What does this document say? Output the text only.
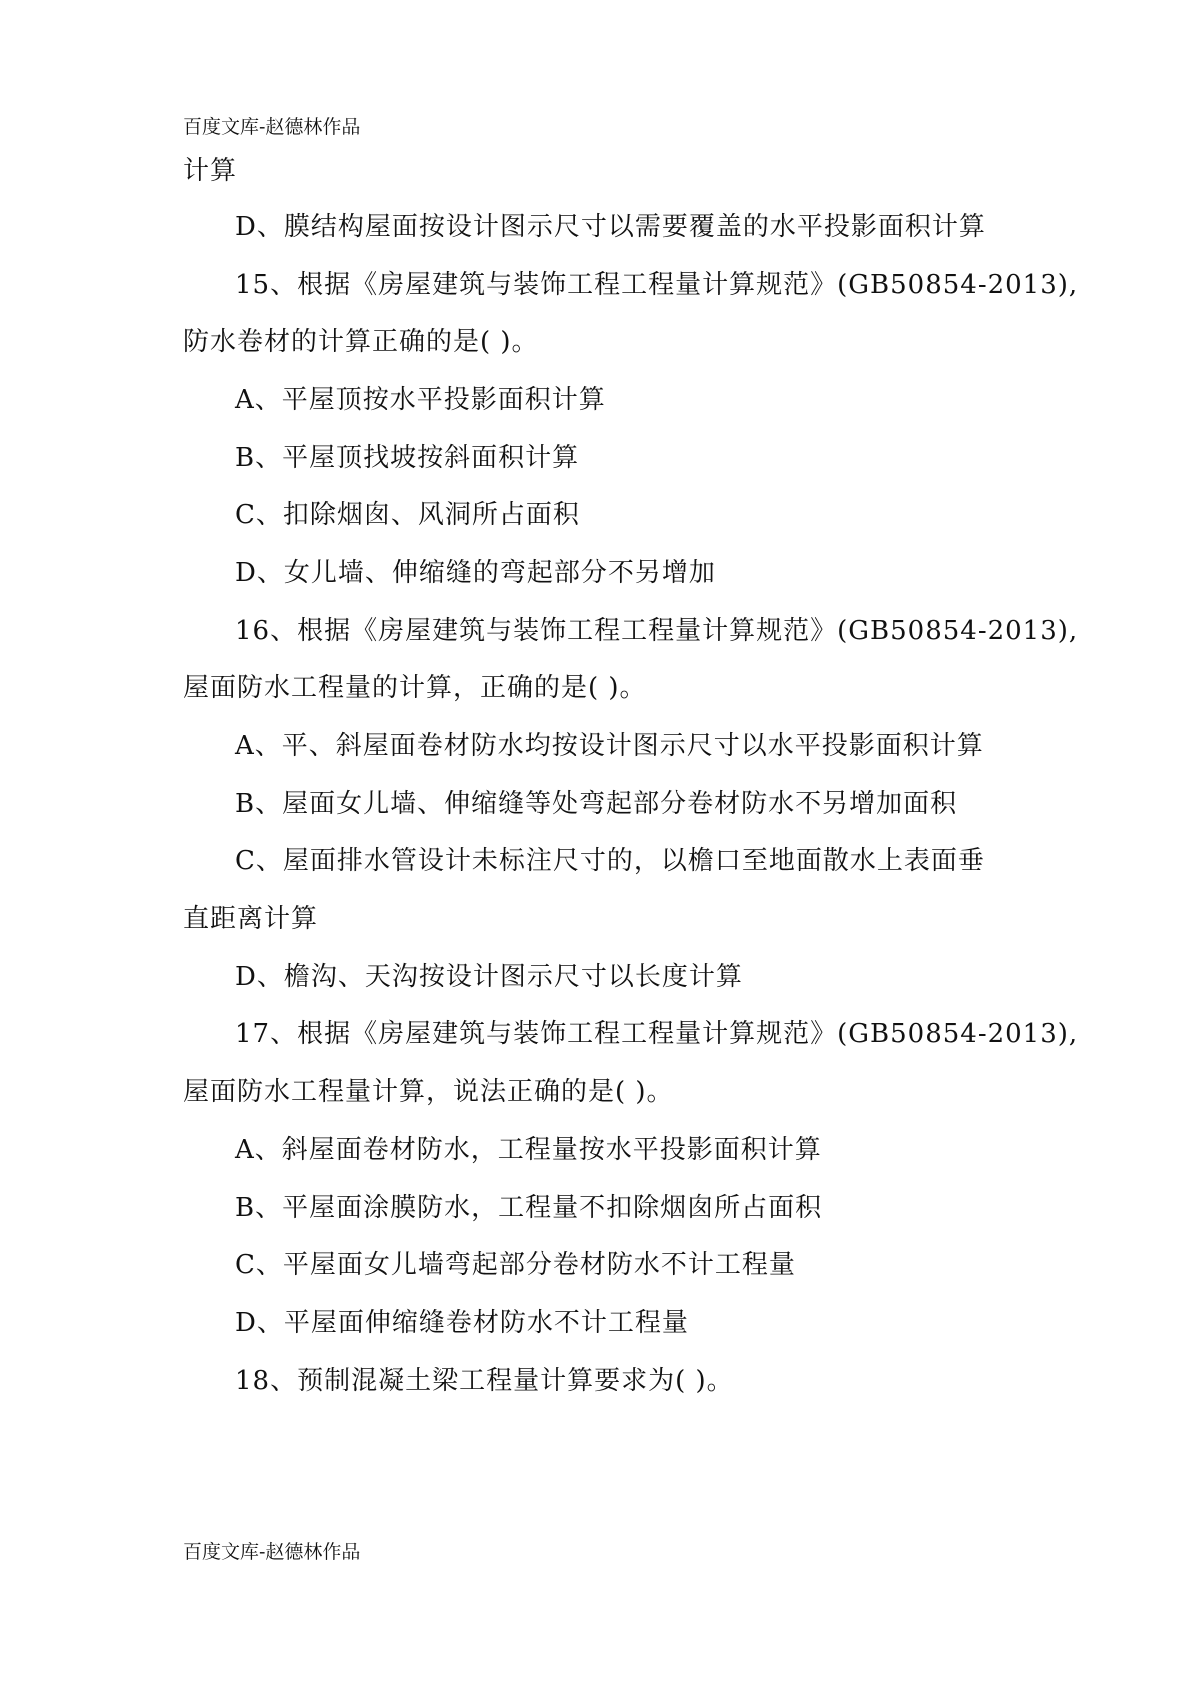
百度文库-赵德林作品
计算
D、膜结构屋面按设计图示尺寸以需要覆盖的水平投影面积计算
15、根据《房屋建筑与装饰工程工程量计算规范》(GB50854-2013),
防水卷材的计算正确的是( )。
A、平屋顶按水平投影面积计算
B、平屋顶找坡按斜面积计算
C、扣除烟囱、风洞所占面积
D、女儿墙、伸缩缝的弯起部分不另增加
16、根据《房屋建筑与装饰工程工程量计算规范》(GB50854-2013),
屋面防水工程量的计算，正确的是( )。
A、平、斜屋面卷材防水均按设计图示尺寸以水平投影面积计算
B、屋面女儿墙、伸缩缝等处弯起部分卷材防水不另增加面积
C、屋面排水管设计未标注尺寸的，以檐口至地面散水上表面垂
直距离计算
D、檐沟、天沟按设计图示尺寸以长度计算
17、根据《房屋建筑与装饰工程工程量计算规范》(GB50854-2013),
屋面防水工程量计算，说法正确的是( )。
A、斜屋面卷材防水，工程量按水平投影面积计算
B、平屋面涂膜防水，工程量不扣除烟囱所占面积
C、平屋面女儿墙弯起部分卷材防水不计工程量
D、平屋面伸缩缝卷材防水不计工程量
18、预制混凝土梁工程量计算要求为( )。
百度文库-赵德林作品
